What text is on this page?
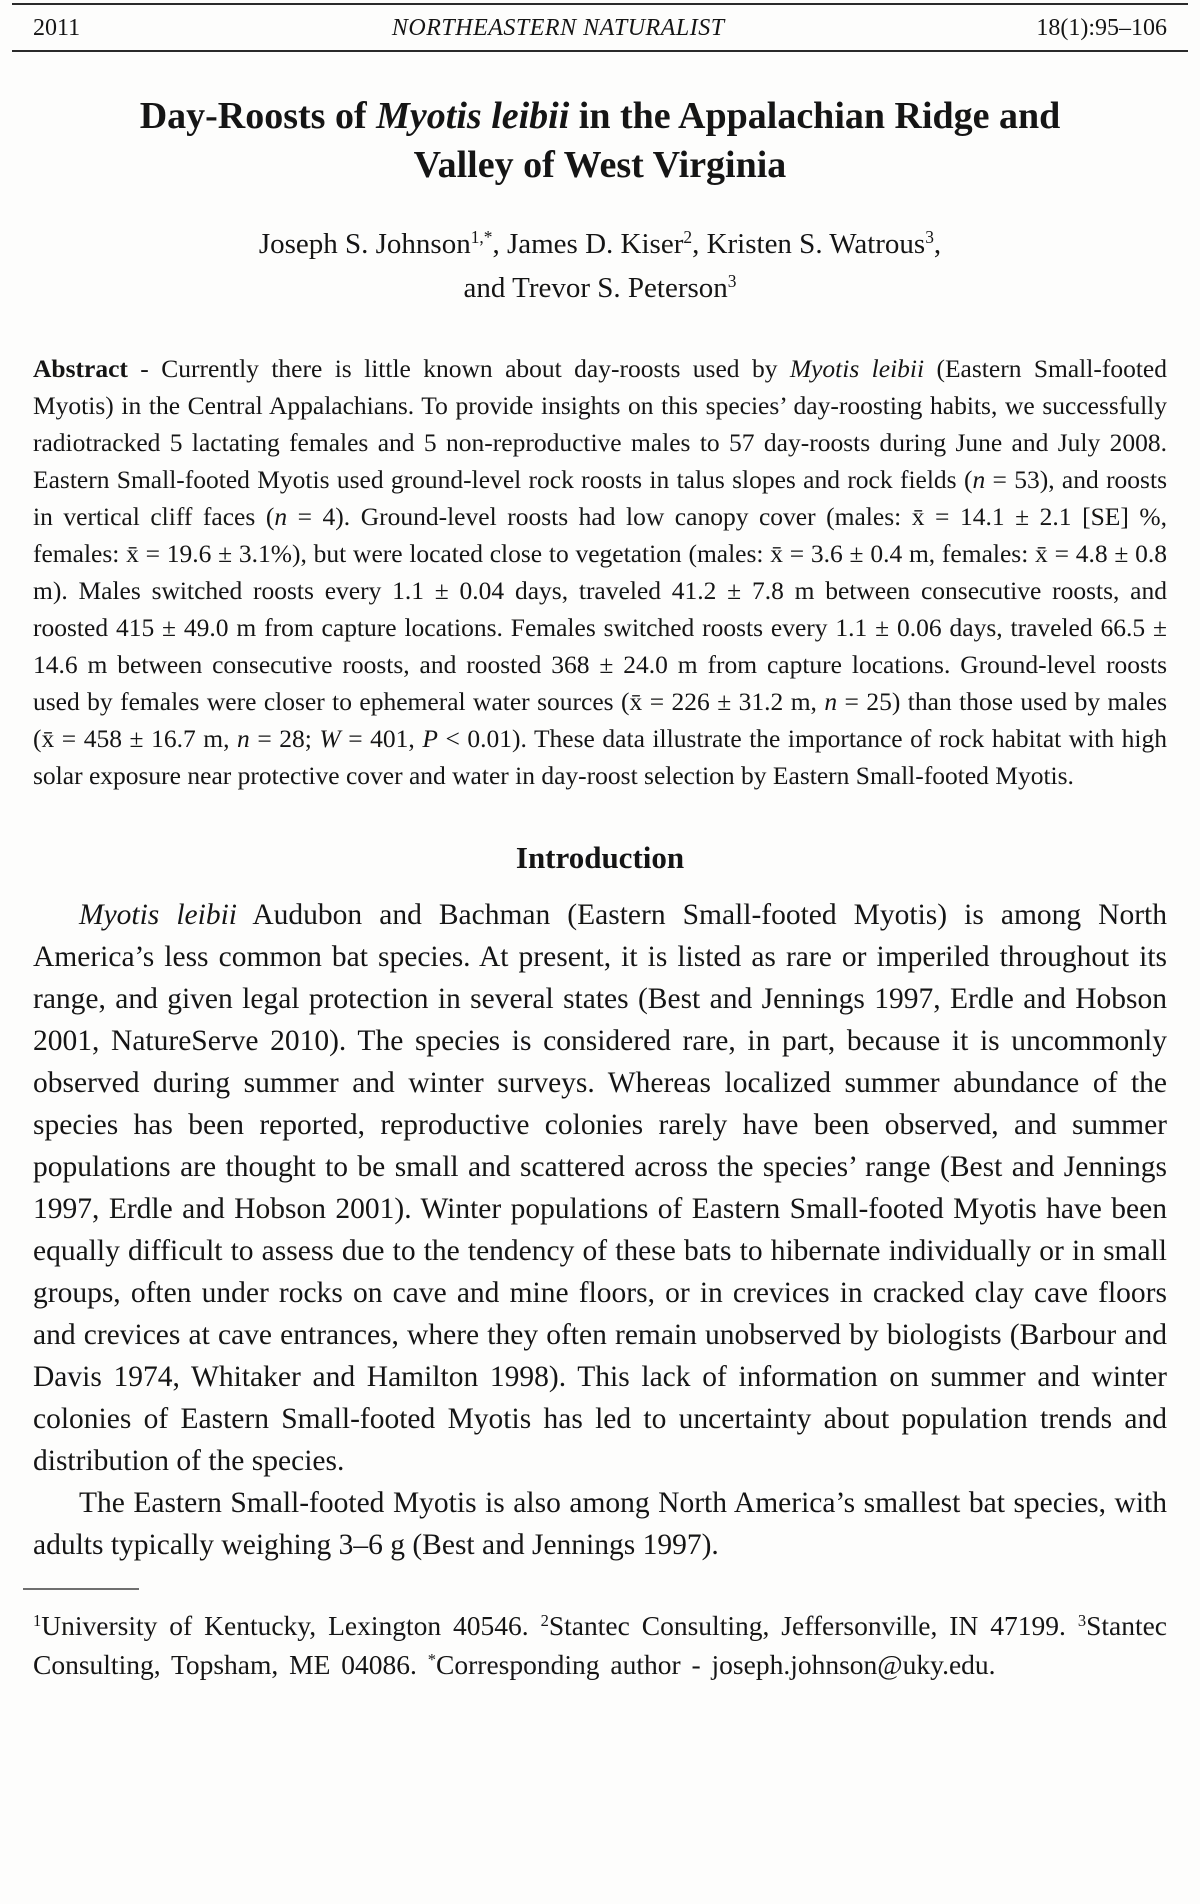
2011	NORTHEASTERN NATURALIST	18(1):95–106
Day-Roosts of Myotis leibii in the Appalachian Ridge and
Valley of West Virginia
Joseph S. Johnson$^{1,*}$, James D. Kiser$^2$, Kristen S. Watrous$^3$,
and Trevor S. Peterson$^3$

Abstract - Currently there is little known about day-roosts used by Myotis leibii (Eastern Small-footed Myotis) in the Central Appalachians. To provide insights on this species’ day-roosting habits, we successfully radiotracked 5 lactating females and 5 non-reproductive males to 57 day-roosts during June and July 2008. Eastern Small-footed Myotis used ground-level rock roosts in talus slopes and rock fields (n = 53), and roosts in vertical cliff faces (n = 4). Ground-level roosts had low canopy cover (males: x̄ = 14.1 ± 2.1 [SE] %, females: x̄ = 19.6 ± 3.1%), but were located close to vegetation (males: x̄ = 3.6 ± 0.4 m, females: x̄ = 4.8 ± 0.8 m). Males switched roosts every 1.1 ± 0.04 days, traveled 41.2 ± 7.8 m between consecutive roosts, and roosted 415 ± 49.0 m from capture locations. Females switched roosts every 1.1 ± 0.06 days, traveled 66.5 ± 14.6 m between consecutive roosts, and roosted 368 ± 24.0 m from capture locations. Ground-level roosts used by females were closer to ephemeral water sources (x̄ = 226 ± 31.2 m, n = 25) than those used by males (x̄ = 458 ± 16.7 m, n = 28; W = 401, P < 0.01). These data illustrate the importance of rock habitat with high solar exposure near protective cover and water in day-roost selection by Eastern Small-footed Myotis.

Introduction

Myotis leibii Audubon and Bachman (Eastern Small-footed Myotis) is among North America’s less common bat species. At present, it is listed as rare or imperiled throughout its range, and given legal protection in several states (Best and Jennings 1997, Erdle and Hobson 2001, NatureServe 2010). The species is considered rare, in part, because it is uncommonly observed during summer and winter surveys. Whereas localized summer abundance of the species has been reported, reproductive colonies rarely have been observed, and summer populations are thought to be small and scattered across the species’ range (Best and Jennings 1997, Erdle and Hobson 2001). Winter populations of Eastern Small-footed Myotis have been equally difficult to assess due to the tendency of these bats to hibernate individually or in small groups, often under rocks on cave and mine floors, or in crevices in cracked clay cave floors and crevices at cave entrances, where they often remain unobserved by biologists (Barbour and Davis 1974, Whitaker and Hamilton 1998). This lack of information on summer and winter colonies of Eastern Small-footed Myotis has led to uncertainty about population trends and distribution of the species.

The Eastern Small-footed Myotis is also among North America’s smallest bat species, with adults typically weighing 3–6 g (Best and Jennings 1997).

$^1$University of Kentucky, Lexington 40546. $^2$Stantec Consulting, Jeffersonville, IN 47199. $^3$Stantec Consulting, Topsham, ME 04086. *Corresponding author - joseph.johnson@uky.edu.
